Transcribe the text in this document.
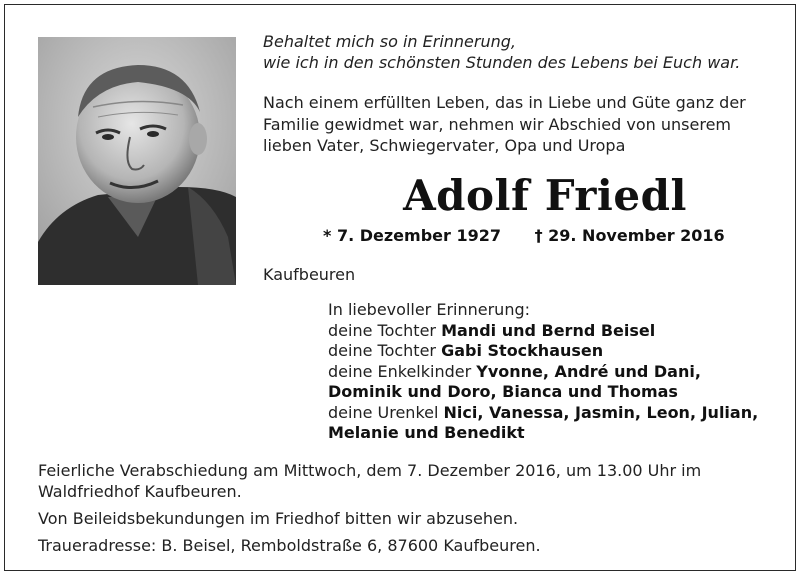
Behaltet mich so in Erinnerung,
wie ich in den schönsten Stunden des Lebens bei Euch war.
Nach einem erfüllten Leben, das in Liebe und Güte ganz der
Familie gewidmet war, nehmen wir Abschied von unserem
lieben Vater, Schwiegervater, Opa und Uropa
Adolf Friedl
* 7. Dezember 1927 † 29. November 2016
Kaufbeuren
In liebevoller Erinnerung:
deine Tochter Mandi und Bernd Beisel
deine Tochter Gabi Stockhausen
deine Enkelkinder Yvonne, André und Dani,
Dominik und Doro, Bianca und Thomas
deine Urenkel Nici, Vanessa, Jasmin, Leon, Julian,
Melanie und Benedikt

Feierliche Verabschiedung am Mittwoch, dem 7. Dezember 2016, um 13.00 Uhr im
Waldfriedhof Kaufbeuren.

Von Beileidsbekundungen im Friedhof bitten wir abzusehen.

Traueradresse: B. Beisel, Remboldstraße 6, 87600 Kaufbeuren.
